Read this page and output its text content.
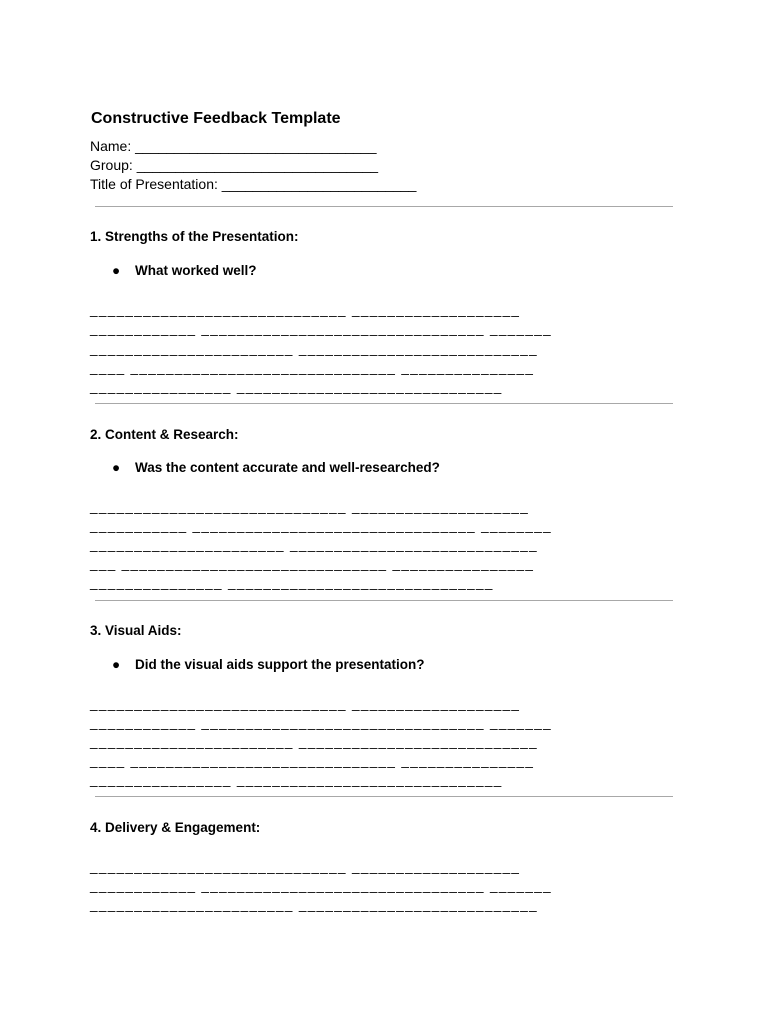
Constructive Feedback Template
Name: _______________________________
Group: _______________________________
Title of Presentation: _________________________
1. Strengths of the Presentation:
● What worked well?
_____________________________ ___________________
____________ ________________________________ _______
_______________________ ___________________________
____ ______________________________ _______________
________________ ______________________________
2. Content & Research:
● Was the content accurate and well-researched?
_____________________________ ____________________
___________ ________________________________ ________
______________________ ____________________________
___ ______________________________ ________________
_______________ ______________________________
3. Visual Aids:
● Did the visual aids support the presentation?
_____________________________ ___________________
____________ ________________________________ _______
_______________________ ___________________________
____ ______________________________ _______________
________________ ______________________________
4. Delivery & Engagement:
_____________________________ ___________________
____________ ________________________________ _______
_______________________ ___________________________
